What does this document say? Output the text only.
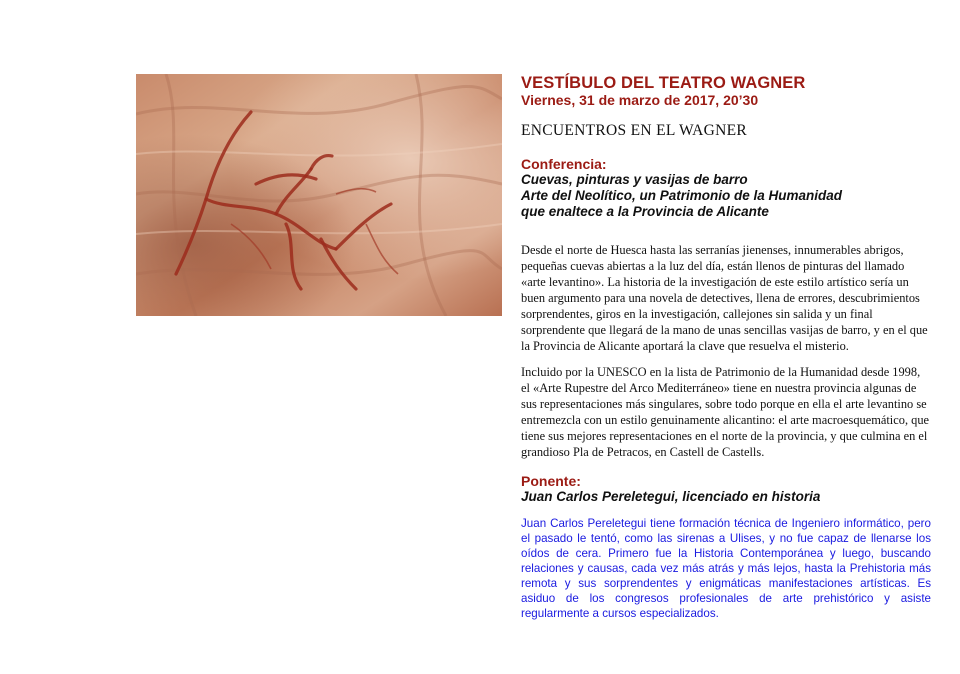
VESTÍBULO DEL TEATRO WAGNER
Viernes, 31 de marzo de 2017, 20’30
ENCUENTROS EN EL WAGNER
Conferencia:
Cuevas, pinturas y vasijas de barro
Arte del Neolítico, un Patrimonio de la Humanidad
que enaltece a la Provincia de Alicante
Desde el norte de Huesca hasta las serranías jienenses, innumerables abrigos, pequeñas cuevas abiertas a la luz del día, están llenos de pinturas del llamado «arte levantino». La historia de la investigación de este estilo artístico sería un buen argumento para una novela de detectives, llena de errores, descubrimientos sorprendentes, giros en la investigación, callejones sin salida y un final sorprendente que llegará de la mano de unas sencillas vasijas de barro, y en el que la Provincia de Alicante aportará la clave que resuelva el misterio.
Incluido por la UNESCO en la lista de Patrimonio de la Humanidad desde 1998, el «Arte Rupestre del Arco Mediterráneo» tiene en nuestra provincia algunas de sus representaciones más singulares, sobre todo porque en ella el arte levantino se entremezcla con un estilo genuinamente alicantino: el arte macroesquemático, que tiene sus mejores representaciones en el norte de la provincia, y que culmina en el grandioso Pla de Petracos, en Castell de Castells.
Ponente:
Juan Carlos Pereletegui, licenciado en historia
Juan Carlos Pereletegui tiene formación técnica de Ingeniero informático, pero el pasado le tentó, como las sirenas a Ulises, y no fue capaz de llenarse los oídos de cera. Primero fue la Historia Contemporánea y luego, buscando relaciones y causas, cada vez más atrás y más lejos, hasta la Prehistoria más remota y sus sorprendentes y enigmáticas manifestaciones artísticas. Es asiduo de los congresos profesionales de arte prehistórico y asiste regularmente a cursos especializados.
